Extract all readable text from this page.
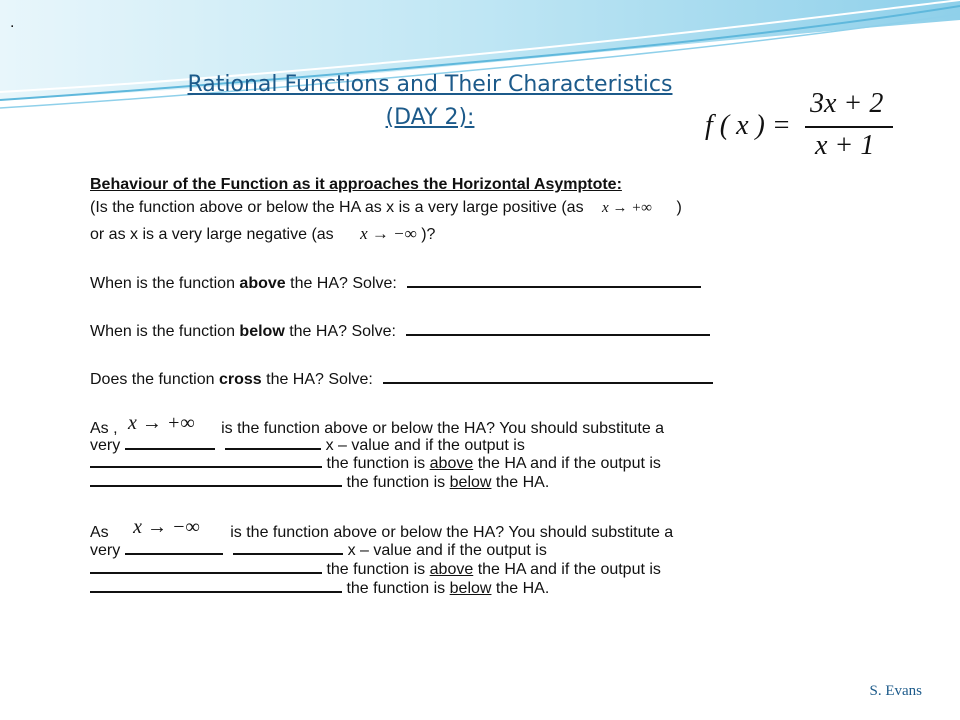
.
Rational Functions and Their Characteristics
(DAY 2):	f ( x ) =
3x + 2
x + 1
Behaviour of the Function as it approaches the Horizontal Asymptote:
(Is the function above or below the HA as x is a very large positive (as x → +∞ )
or as x is a very large negative (as x → −∞ )?
When is the function above the HA? Solve:
When is the function below the HA? Solve:
Does the function cross the HA? Solve:
As , x → +∞ is the function above or below the HA? You should substitute a
very	x – value and if the output is
the function is above the HA and if the output is
the function is below the HA.
As x → −∞ is the function above or below the HA? You should substitute a
very	x – value and if the output is
the function is above the HA and if the output is
the function is below the HA.
S. Evans
